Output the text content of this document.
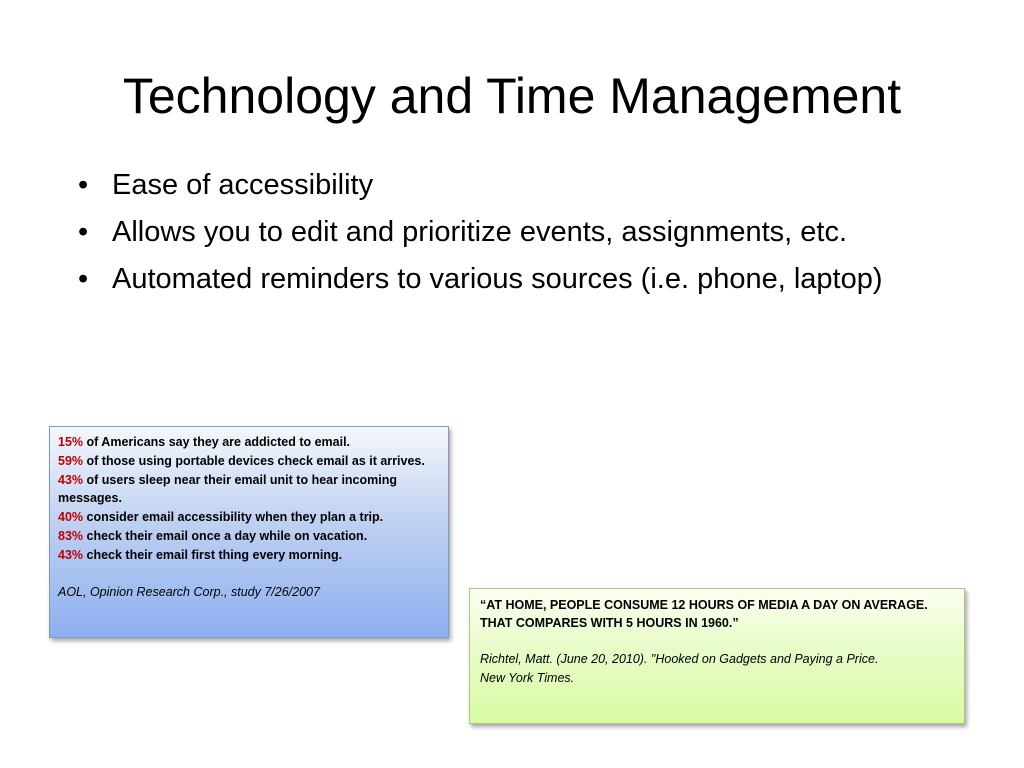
Technology and Time Management
• Ease of accessibility
• Allows you to edit and prioritize events, assignments, etc.
• Automated reminders to various sources (i.e. phone, laptop)
15% of Americans say they are addicted to email.
59% of those using portable devices check email as it arrives.
43% of users sleep near their email unit to hear incoming messages.
40% consider email accessibility when they plan a trip.
83% check their email once a day while on vacation.
43% check their email first thing every morning.
AOL, Opinion Research Corp., study 7/26/2007
“AT HOME, PEOPLE CONSUME 12 HOURS OF MEDIA A DAY ON AVERAGE. THAT COMPARES WITH 5 HOURS IN 1960.”
Richtel, Matt. (June 20, 2010). "Hooked on Gadgets and Paying a Price.
New York Times.
